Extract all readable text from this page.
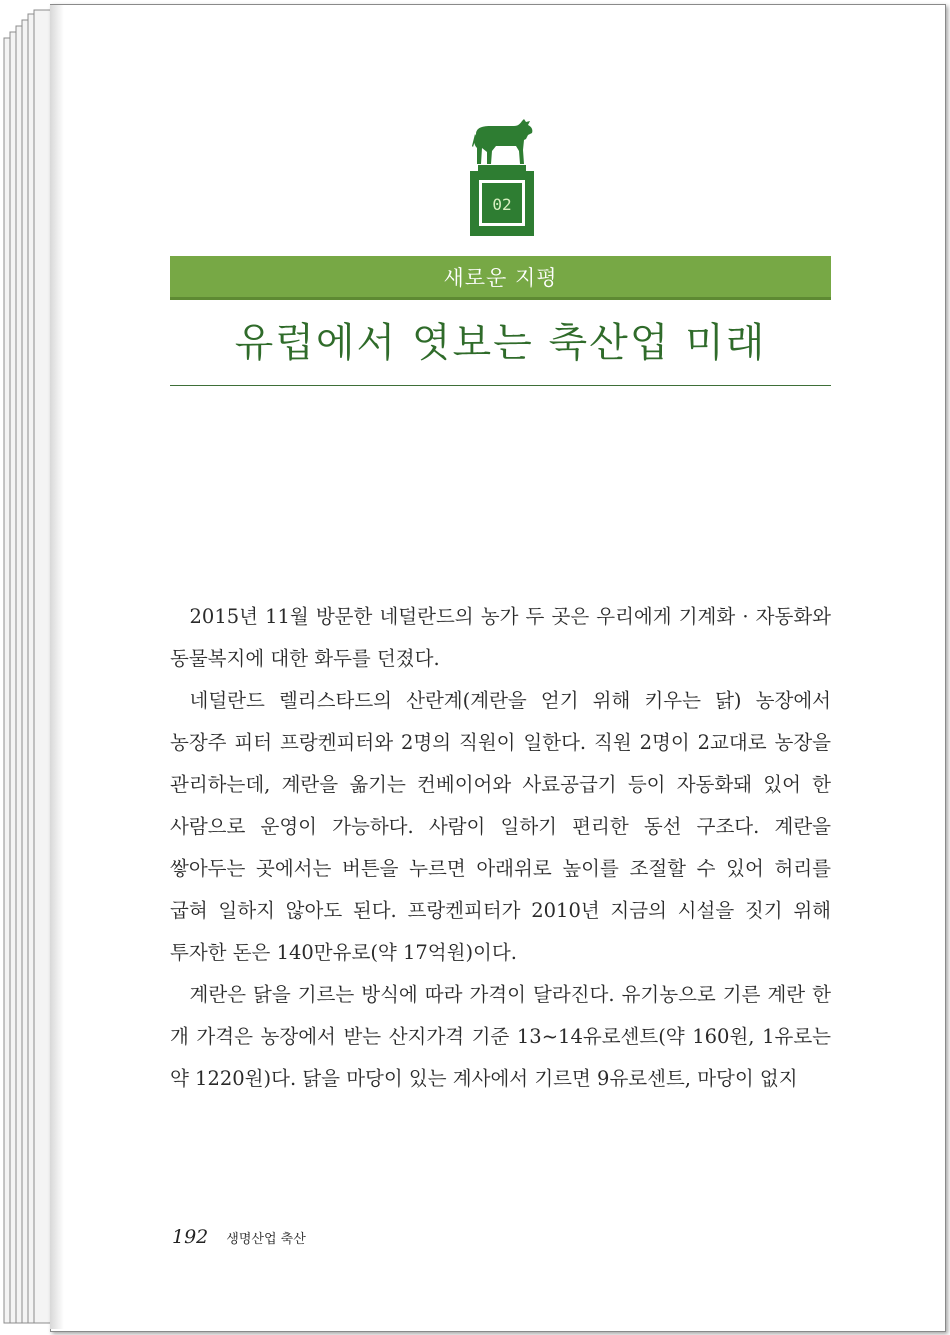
02
새로운 지평
유럽에서 엿보는 축산업 미래

2015년 11월 방문한 네덜란드의 농가 두 곳은 우리에게 기계화 · 자동화와 동물복지에 대한 화두를 던졌다.

네덜란드 렐리스타드의 산란계(계란을 얻기 위해 키우는 닭) 농장에서 농장주 피터 프랑켄피터와 2명의 직원이 일한다. 직원 2명이 2교대로 농장을 관리하는데, 계란을 옮기는 컨베이어와 사료공급기 등이 자동화돼 있어 한 사람으로 운영이 가능하다. 사람이 일하기 편리한 동선 구조다. 계란을 쌓아두는 곳에서는 버튼을 누르면 아래위로 높이를 조절할 수 있어 허리를 굽혀 일하지 않아도 된다. 프랑켄피터가 2010년 지금의 시설을 짓기 위해 투자한 돈은 140만유로(약 17억원)이다.

계란은 닭을 기르는 방식에 따라 가격이 달라진다. 유기농으로 기른 계란 한 개 가격은 농장에서 받는 산지가격 기준 13~14유로센트(약 160원, 1유로는 약 1220원)다. 닭을 마당이 있는 계사에서 기르면 9유로센트, 마당이 없지

192 생명산업 축산
